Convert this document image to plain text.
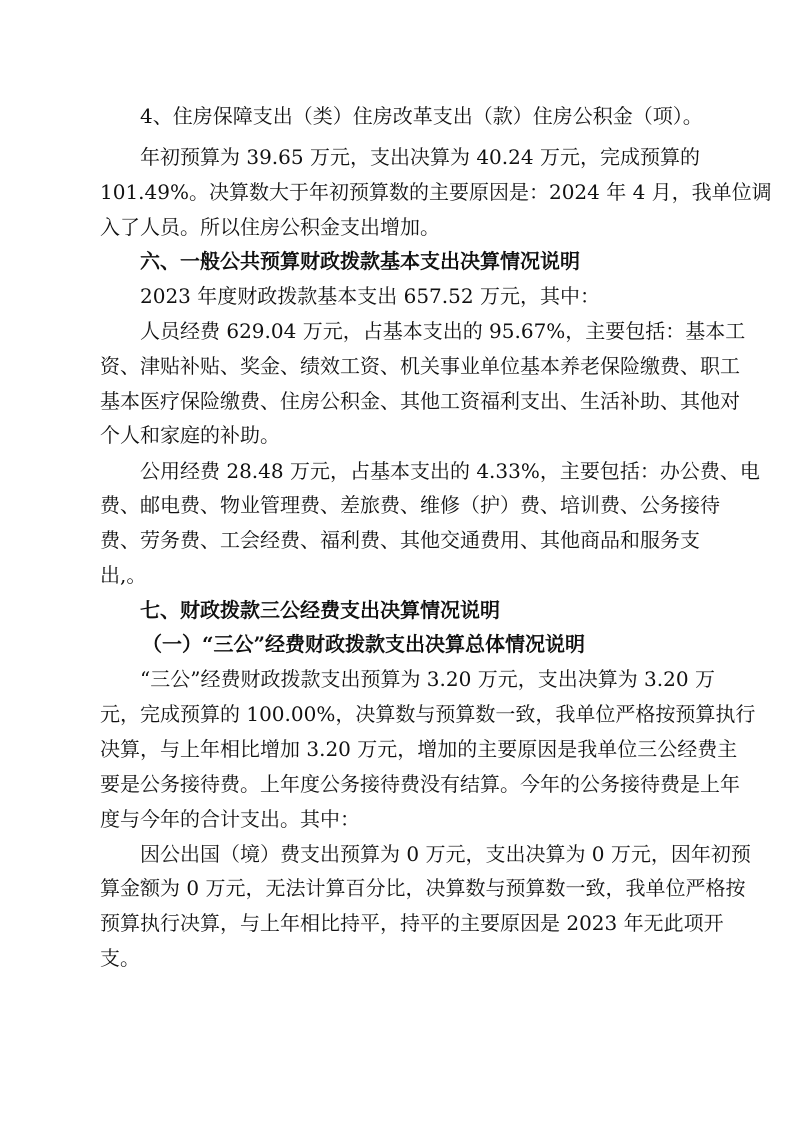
4、住房保障支出（类）住房改革支出（款）住房公积金（项）。
年初预算为 39.65 万元，支出决算为 40.24 万元，完成预算的
101.49%。决算数大于年初预算数的主要原因是：2024 年 4 月，我单位调
入了人员。所以住房公积金支出增加。
六、一般公共预算财政拨款基本支出决算情况说明
2023 年度财政拨款基本支出 657.52 万元，其中：
人员经费 629.04 万元，占基本支出的 95.67%，主要包括：基本工
资、津贴补贴、奖金、绩效工资、机关事业单位基本养老保险缴费、职工
基本医疗保险缴费、住房公积金、其他工资福利支出、生活补助、其他对
个人和家庭的补助。
公用经费 28.48 万元，占基本支出的 4.33%，主要包括：办公费、电
费、邮电费、物业管理费、差旅费、维修（护）费、培训费、公务接待
费、劳务费、工会经费、福利费、其他交通费用、其他商品和服务支
出,。
七、财政拨款三公经费支出决算情况说明
（一）“三公”经费财政拨款支出决算总体情况说明
“三公”经费财政拨款支出预算为 3.20 万元，支出决算为 3.20 万
元，完成预算的 100.00%，决算数与预算数一致，我单位严格按预算执行
决算，与上年相比增加 3.20 万元，增加的主要原因是我单位三公经费主
要是公务接待费。上年度公务接待费没有结算。今年的公务接待费是上年
度与今年的合计支出。其中：
因公出国（境）费支出预算为 0 万元，支出决算为 0 万元，因年初预
算金额为 0 万元，无法计算百分比，决算数与预算数一致，我单位严格按
预算执行决算，与上年相比持平，持平的主要原因是 2023 年无此项开
支。
